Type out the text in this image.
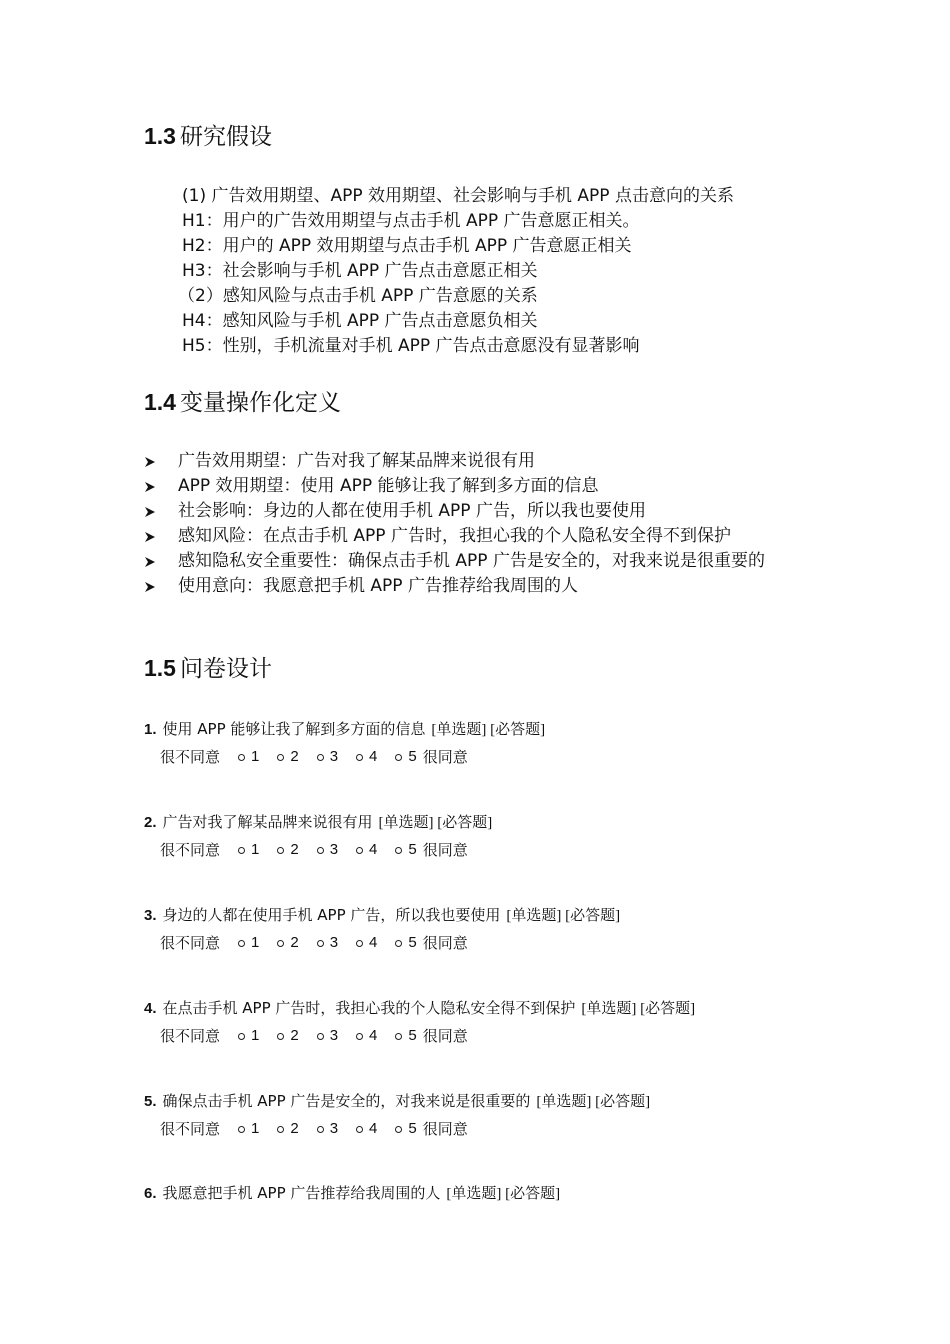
1.3 研究假设
(1) 广告效用期望、APP 效用期望、社会影响与手机 APP 点击意向的关系
H1：用户的广告效用期望与点击手机 APP 广告意愿正相关。
H2：用户的 APP 效用期望与点击手机 APP 广告意愿正相关
H3：社会影响与手机 APP 广告点击意愿正相关
（2）感知风险与点击手机 APP 广告意愿的关系
H4：感知风险与手机 APP 广告点击意愿负相关
H5：性别，手机流量对手机 APP 广告点击意愿没有显著影响
1.4 变量操作化定义
广告效用期望：广告对我了解某品牌来说很有用
APP 效用期望：使用 APP 能够让我了解到多方面的信息
社会影响：身边的人都在使用手机 APP 广告，所以我也要使用
感知风险：在点击手机 APP 广告时，我担心我的个人隐私安全得不到保护
感知隐私安全重要性：确保点击手机 APP 广告是安全的，对我来说是很重要的
使用意向：我愿意把手机 APP 广告推荐给我周围的人
1.5 问卷设计
1. 使用 APP 能够让我了解到多方面的信息 [单选题] [必答题]
很不同意 1 2 3 4 5 很同意
2. 广告对我了解某品牌来说很有用 [单选题] [必答题]
很不同意 1 2 3 4 5 很同意
3. 身边的人都在使用手机 APP 广告，所以我也要使用 [单选题] [必答题]
很不同意 1 2 3 4 5 很同意
4. 在点击手机 APP 广告时，我担心我的个人隐私安全得不到保护 [单选题] [必答题]
很不同意 1 2 3 4 5 很同意
5. 确保点击手机 APP 广告是安全的，对我来说是很重要的 [单选题] [必答题]
很不同意 1 2 3 4 5 很同意
6. 我愿意把手机 APP 广告推荐给我周围的人 [单选题] [必答题]
